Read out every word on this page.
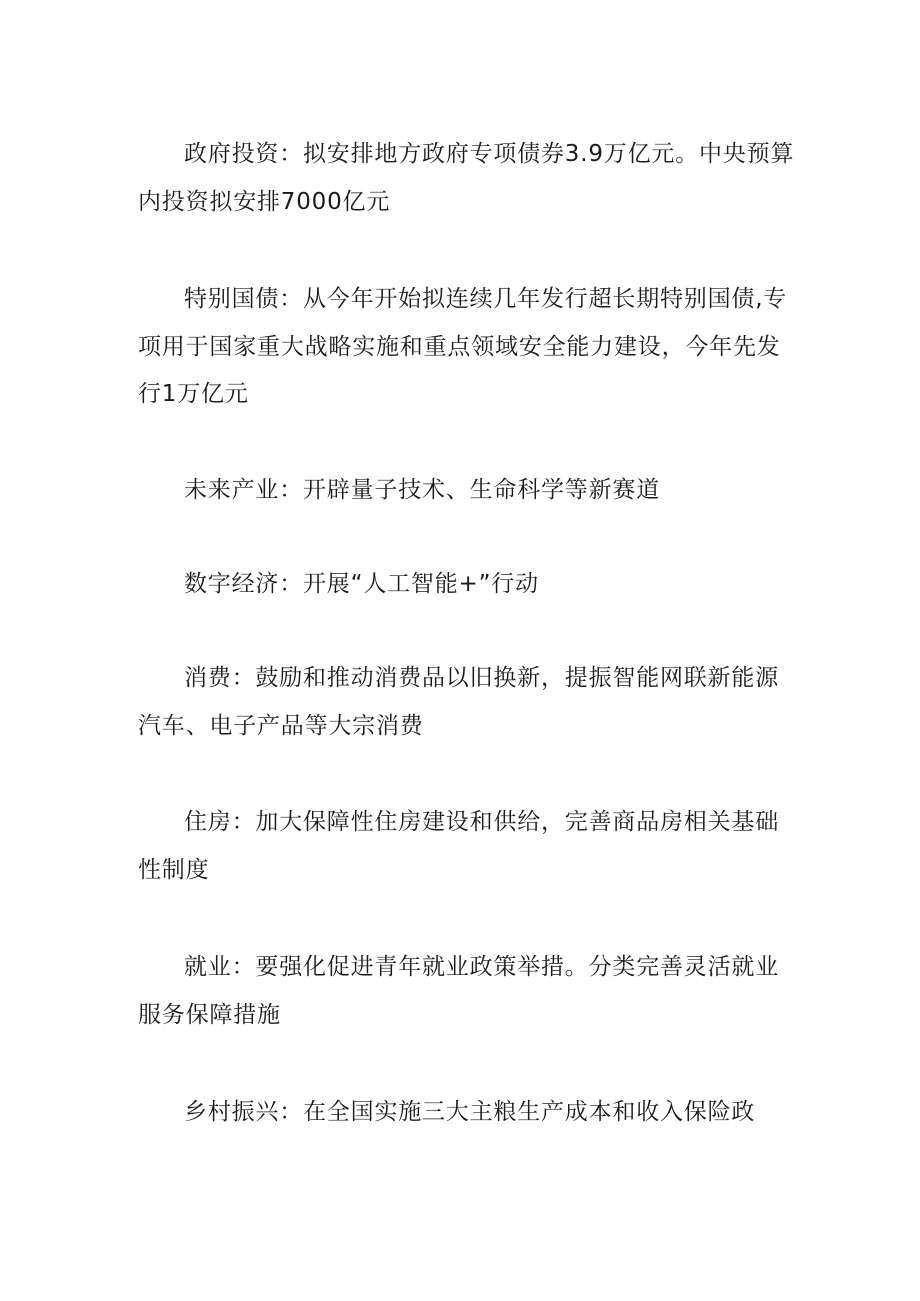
政府投资：拟安排地方政府专项债券3.9万亿元。中央预算内投资拟安排7000亿元

特别国债：从今年开始拟连续几年发行超长期特别国债,专项用于国家重大战略实施和重点领域安全能力建设，今年先发行1万亿元

未来产业：开辟量子技术、生命科学等新赛道

数字经济：开展“人工智能+”行动

消费：鼓励和推动消费品以旧换新，提振智能网联新能源汽车、电子产品等大宗消费

住房：加大保障性住房建设和供给，完善商品房相关基础性制度

就业：要强化促进青年就业政策举措。分类完善灵活就业服务保障措施

乡村振兴：在全国实施三大主粮生产成本和收入保险政
